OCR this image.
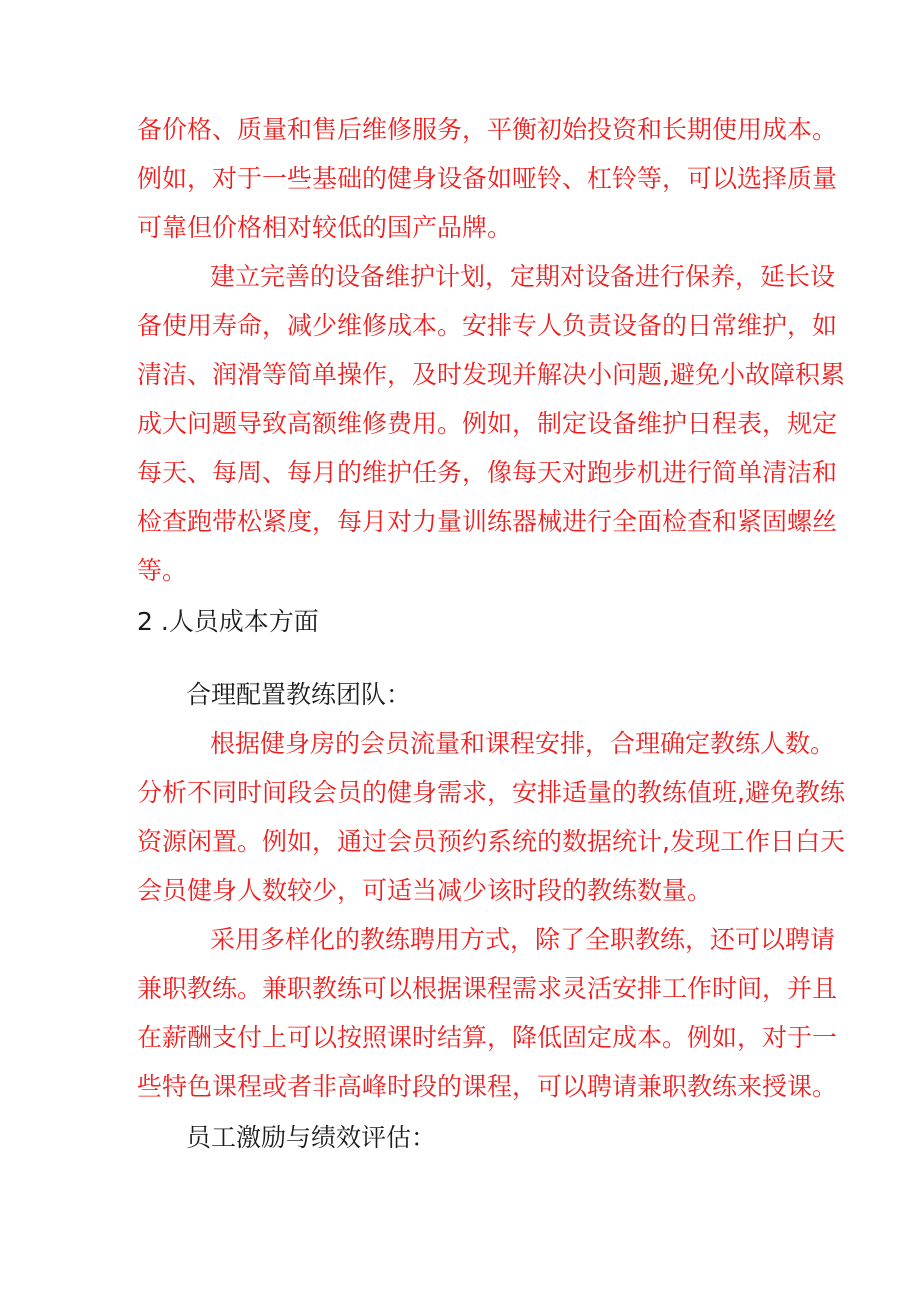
备价格、质量和售后维修服务，平衡初始投资和长期使用成本。
例如，对于一些基础的健身设备如哑铃、杠铃等，可以选择质量
可靠但价格相对较低的国产品牌。
建立完善的设备维护计划，定期对设备进行保养，延长设
备使用寿命，减少维修成本。安排专人负责设备的日常维护，如
清洁、润滑等简单操作，及时发现并解决小问题,避免小故障积累
成大问题导致高额维修费用。例如，制定设备维护日程表，规定
每天、每周、每月的维护任务，像每天对跑步机进行简单清洁和
检查跑带松紧度，每月对力量训练器械进行全面检查和紧固螺丝
等。
2 .人员成本方面
合理配置教练团队：
根据健身房的会员流量和课程安排，合理确定教练人数。
分析不同时间段会员的健身需求，安排适量的教练值班,避免教练
资源闲置。例如，通过会员预约系统的数据统计,发现工作日白天
会员健身人数较少，可适当减少该时段的教练数量。
采用多样化的教练聘用方式，除了全职教练，还可以聘请
兼职教练。兼职教练可以根据课程需求灵活安排工作时间，并且
在薪酬支付上可以按照课时结算，降低固定成本。例如，对于一
些特色课程或者非高峰时段的课程，可以聘请兼职教练来授课。
员工激励与绩效评估：
